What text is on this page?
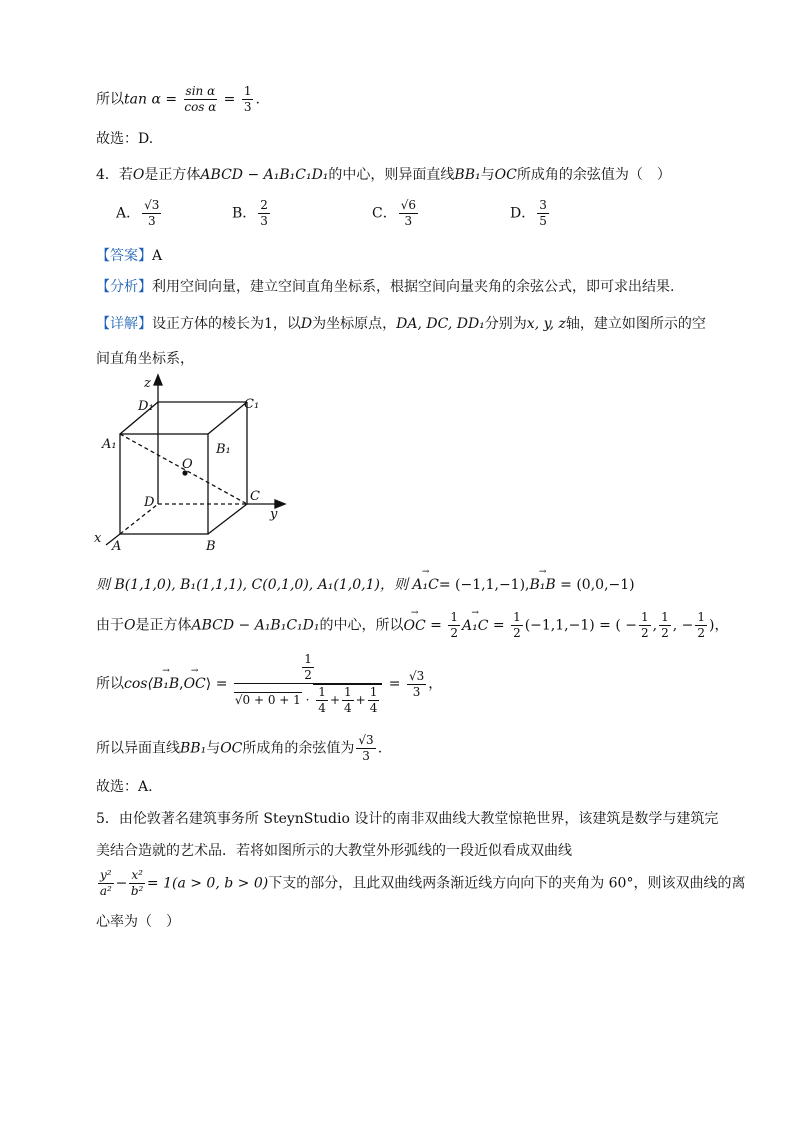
所以$\tan \alpha = \frac{\text{sin α}}{\text{cos α}} = \frac{1}{3}$ .
故选：D.
4．若O是正方体ABCD − A₁B₁C₁D₁的中心，则异面直线BB₁与OC所成角的余弦值为（　）
A． $\frac{√3}{3}$	B． $\frac{2}{3}$	C． $\frac{√6}{3}$	D． $\frac{3}{5}$
【答案】A
【分析】利用空间向量，建立空间直角坐标系，根据空间向量夹角的余弦公式，即可求出结果.
【详解】设正方体的棱长为1，以D为坐标原点，DA, DC, DD₁分别为x, y, z轴，建立如图所示的空
间直角坐标系，
z
D₁	C₁
A₁	B₁
O
D	C
y
x
A	B
则 B(1,1,0), B₁(1,1,1), C(0,1,0), A₁(1,0,1)，则 → A₁C= (−1,1,−1),→ B₁B = (0,0,−1)
由于O是正方体ABCD − A₁B₁C₁D₁的中心，所以→ OC = $\frac{1}{2}$
→ $A_1C = \frac{1}{2} (-1,1,-1)$ = ( − $\frac{1}{2}$ , $\frac{1}{2}$ , − $\frac{1}{2}$ )，
所以cos⟨→ B₁B,→ OC⟩ = $\frac{\frac{1}{2}}{√0 + 0 + 1 \cdot \frac{1}{4} + \frac{1}{4} + \frac{1}{4}} = \frac{√3}{3}$ ，
所以异面直线BB₁与OC所成角的余弦值为 $\frac{√3}{3}$ .
故选：A.
5．由伦敦著名建筑事务所 SteynStudio 设计的南非双曲线大教堂惊艳世界，该建筑是数学与建筑完
美结合造就的艺术品．若将如图所示的大教堂外形弧线的一段近似看成双曲线
$\frac{\text{y²}}{\text{a²}} - \frac{\text{x²}}{\text{b²}} = 1(a > 0$, b > 0)下支的部分，且此双曲线两条渐近线方向向下的夹角为 60°，则该双曲线的离
心率为（　）
